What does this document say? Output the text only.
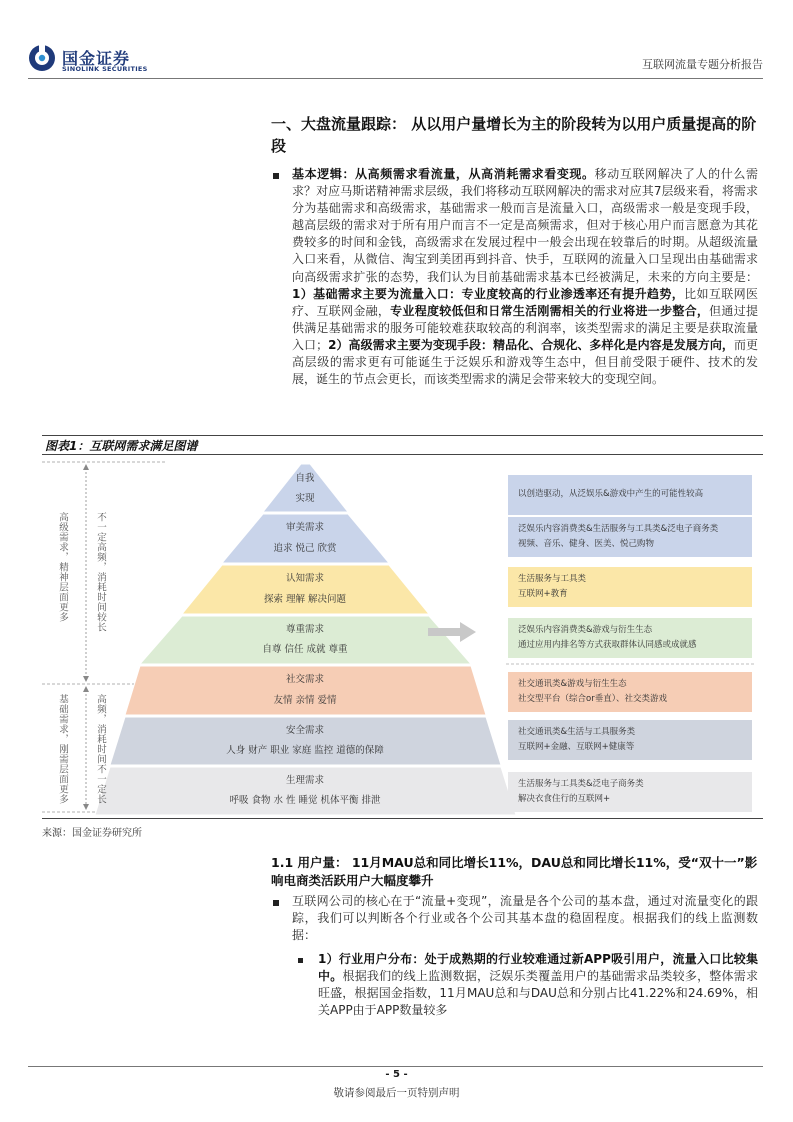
国金证券
SINOLINK SECURITIES	互联网流量专题分析报告
一、大盘流量跟踪： 从以用户量增长为主的阶段转为以用户质量提高的阶段
基本逻辑：从高频需求看流量，从高消耗需求看变现。移动互联网解决了人的什么需求？对应马斯诺精神需求层级，我们将移动互联网解决的需求对应其7层级来看，将需求分为基础需求和高级需求，基础需求一般而言是流量入口，高级需求一般是变现手段，越高层级的需求对于所有用户而言不一定是高频需求，但对于核心用户而言愿意为其花费较多的时间和金钱，高级需求在发展过程中一般会出现在较靠后的时期。从超级流量入口来看，从微信、淘宝到美团再到抖音、快手，互联网的流量入口呈现出由基础需求向高级需求扩张的态势，我们认为目前基础需求基本已经被满足，未来的方向主要是：1）基础需求主要为流量入口：专业度较高的行业渗透率还有提升趋势，比如互联网医疗、互联网金融，专业程度较低但和日常生活刚需相关的行业将进一步整合，但通过提供满足基础需求的服务可能较难获取较高的利润率，该类型需求的满足主要是获取流量入口；2）高级需求主要为变现手段：精品化、合规化、多样化是内容是发展方向，而更高层级的需求更有可能诞生于泛娱乐和游戏等生态中，但目前受限于硬件、技术的发展，诞生的节点会更长，而该类型需求的满足会带来较大的变现空间。
图表1：互联网需求满足图谱
自我
实现
审美需求
追求 悦己 欣赏
认知需求
探索 理解 解决问题
尊重需求
自尊 信任 成就 尊重
社交需求
友情 亲情 爱情
安全需求
人身 财产 职业 家庭 监控 道德的保障
生理需求
呼吸 食物 水 性 睡觉 机体平衡 排泄
高级需求，精神层面更多	不一定高频，消耗时间较长
基础需求，刚需层面更多	高频，消耗时间不一定长
以创造驱动，从泛娱乐&游戏中产生的可能性较高
泛娱乐内容消费类&生活服务与工具类&泛电子商务类
视频、音乐、健身、医美、悦己购物
生活服务与工具类
互联网+教育
泛娱乐内容消费类&游戏与衍生生态
通过应用内排名等方式获取群体认同感或成就感
社交通讯类&游戏与衍生生态
社交型平台（综合or垂直）、社交类游戏
社交通讯类&生活与工具服务类
互联网+金融、互联网+健康等
生活服务与工具类&泛电子商务类
解决衣食住行的互联网+
来源：国金证券研究所
1.1 用户量： 11月MAU总和同比增长11%，DAU总和同比增长11%，受“双十一”影响电商类活跃用户大幅度攀升
互联网公司的核心在于“流量+变现”，流量是各个公司的基本盘，通过对流量变化的跟踪，我们可以判断各个行业或各个公司其基本盘的稳固程度。根据我们的线上监测数据：
1）行业用户分布：处于成熟期的行业较难通过新APP吸引用户，流量入口比较集中。根据我们的线上监测数据，泛娱乐类覆盖用户的基础需求品类较多，整体需求旺盛，根据国金指数，11月MAU总和与DAU总和分别占比41.22%和24.69%，相关APP由于APP数量较多
- 5 -
敬请参阅最后一页特别声明
